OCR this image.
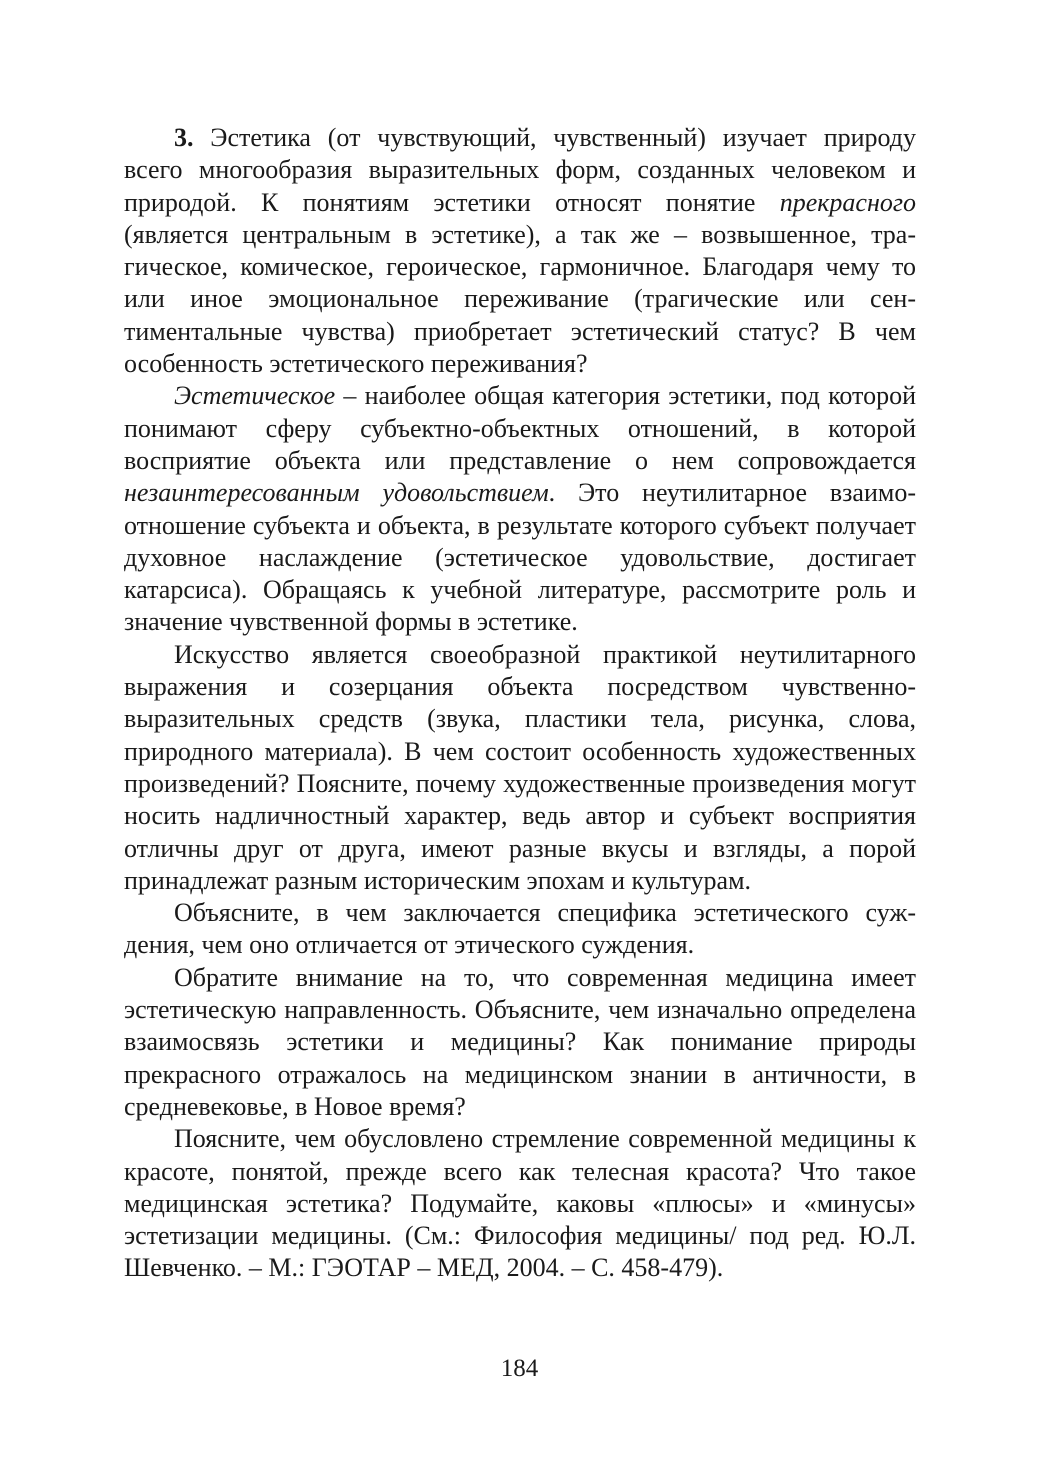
3. Эстетика (от чувствующий, чувственный) изучает природу всего многообразия выразительных форм, созданных человеком и природой. К понятиям эстетики относят понятие прекрасного (является центральным в эстетике), а так же – возвышенное, трагическое, комическое, героическое, гармоничное. Благодаря чему то или иное эмоциональное переживание (трагические или сентиментальные чувства) приобретает эстетический статус? В чем особенность эстетического переживания?

Эстетическое – наиболее общая категория эстетики, под которой понимают сферу субъектно-объектных отношений, в которой восприятие объекта или представление о нем сопровождается незаинтересованным удовольствием. Это неутилитарное взаимоотношение субъекта и объекта, в результате которого субъект получает духовное наслаждение (эстетическое удовольствие, достигает катарсиса). Обращаясь к учебной литературе, рассмотрите роль и значение чувственной формы в эстетике.

Искусство является своеобразной практикой неутилитарного выражения и созерцания объекта посредством чувственно-выразительных средств (звука, пластики тела, рисунка, слова, природного материала). В чем состоит особенность художественных произведений? Поясните, почему художественные произведения могут носить надличностный характер, ведь автор и субъект восприятия отличны друг от друга, имеют разные вкусы и взгляды, а порой принадлежат разным историческим эпохам и культурам.

Объясните, в чем заключается специфика эстетического суждения, чем оно отличается от этического суждения.

Обратите внимание на то, что современная медицина имеет эстетическую направленность. Объясните, чем изначально определена взаимосвязь эстетики и медицины? Как понимание природы прекрасного отражалось на медицинском знании в античности, в средневековье, в Новое время?

Поясните, чем обусловлено стремление современной медицины к красоте, понятой, прежде всего как телесная красота? Что такое медицинская эстетика? Подумайте, каковы «плюсы» и «минусы» эстетизации медицины. (См.: Философия медицины/ под ред. Ю.Л. Шевченко. – М.: ГЭОТАР – МЕД, 2004. – С. 458-479).

184
